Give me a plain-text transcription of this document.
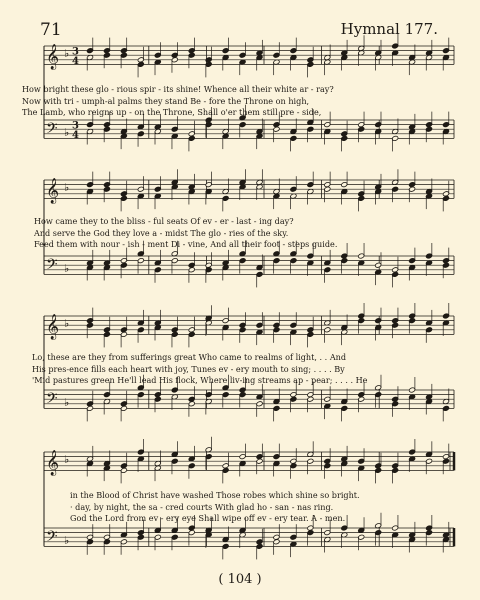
71	Hymnal 177.
𝄞
𝄢
♭
♭
3
4
3
4
How bright these glo - rious spir - its shine! Whence all their white ar - ray?
Now with tri - umph-al palms they stand Be - fore the Throne on high,
The Lamb, who reigns up - on the Throne, Shall o'er them still pre - side,
𝄞
𝄢
♭
♭
How came they to the bliss - ful seats Of ev - er - last - ing day?
And serve the God they love a - midst The glo - ries of the sky.
Feed them with nour - ish - ment Di - vine, And all their foot - steps guide.
𝄞
𝄢
♭
♭
Lo, these are they from sufferings great Who came to realms of light, . . And
His pres-ence fills each heart with joy, Tunes ev - ery mouth to sing; . . . . By
'Mid pastures green He'll lead His flock, Where liv-ing streams ap - pear; . . . . He
𝄞
𝄢
♭
♭
in the Blood of Christ have washed Those robes which shine so bright.
· day, by night, the sa - cred courts With glad ho - san - nas ring.
God the Lord from ev - ery eye Shall wipe off ev - ery tear. A - men.
( 104 )
